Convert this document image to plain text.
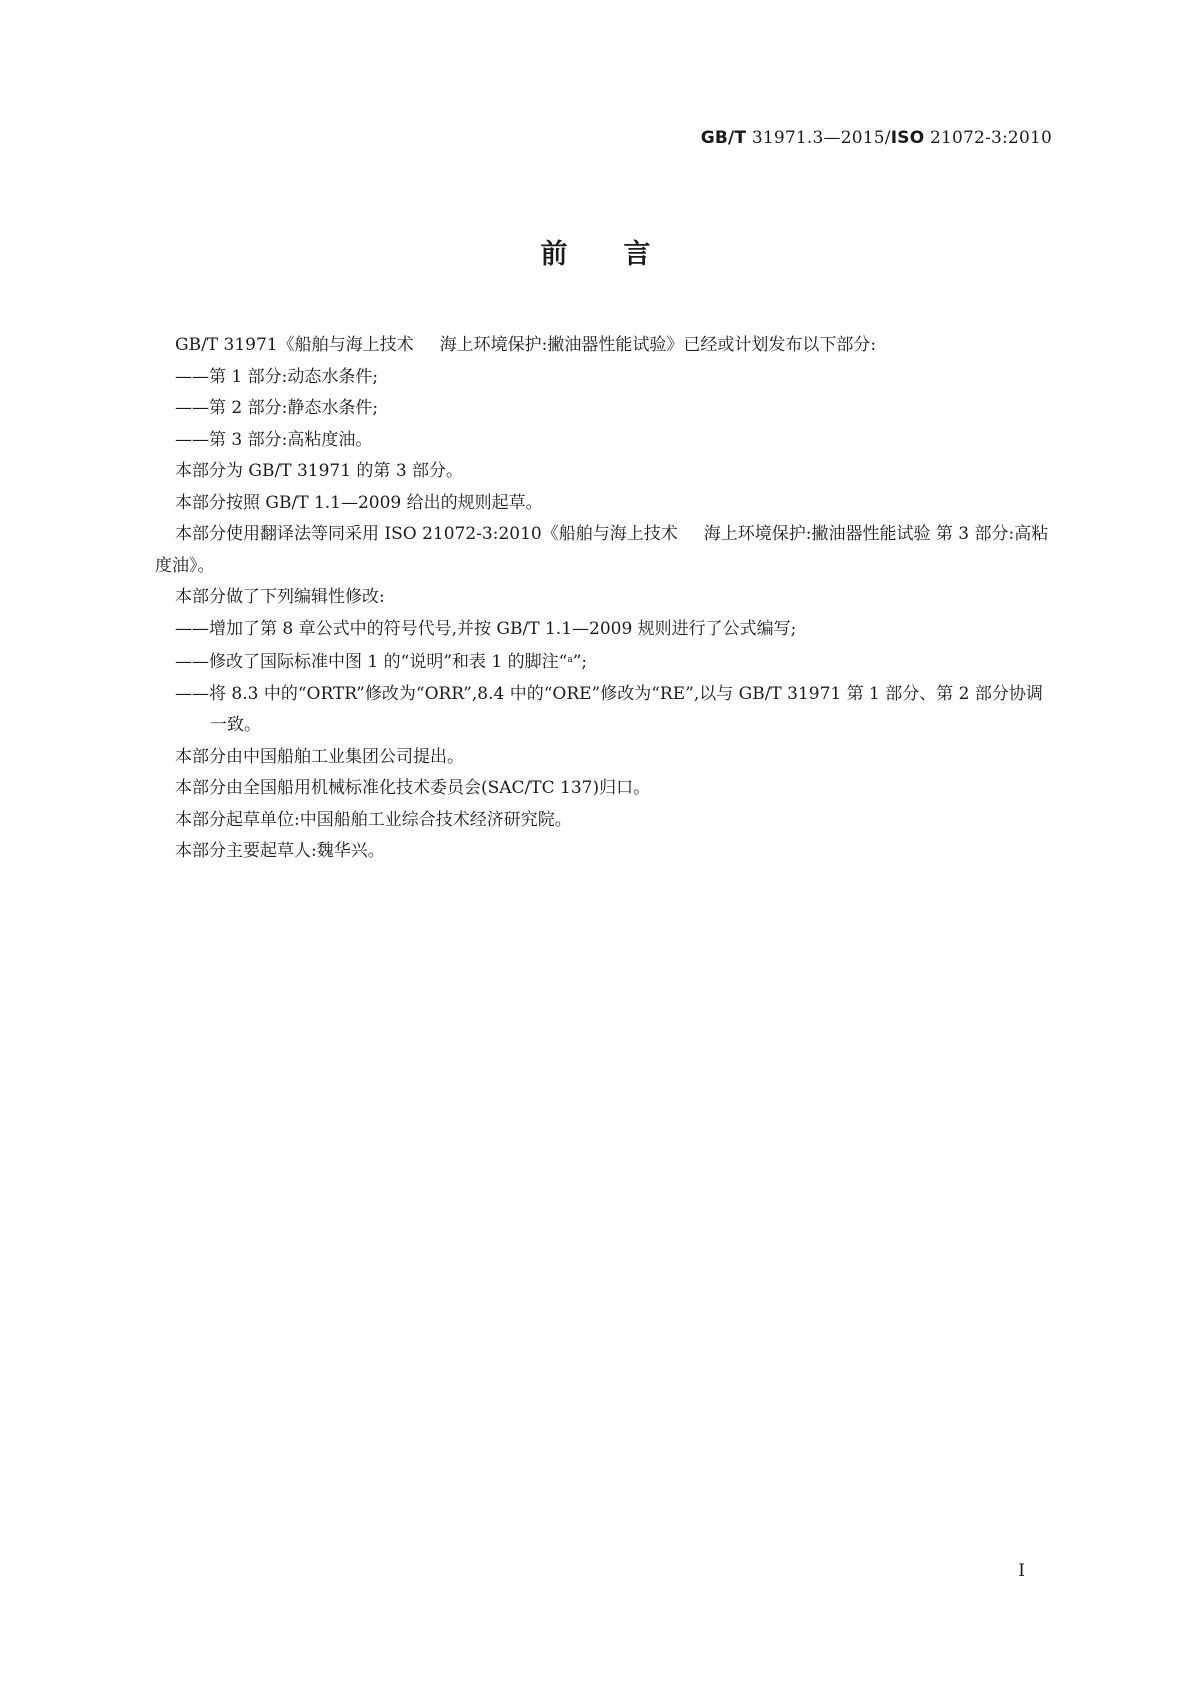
GB/T 31971.3—2015/ISO 21072-3:2010
前言

GB/T 31971《船舶与海上技术 海上环境保护:撇油器性能试验》已经或计划发布以下部分:

——第 1 部分:动态水条件;

——第 2 部分:静态水条件;

——第 3 部分:高粘度油。

本部分为 GB/T 31971 的第 3 部分。

本部分按照 GB/T 1.1—2009 给出的规则起草。

本部分使用翻译法等同采用 ISO 21072-3:2010《船舶与海上技术 海上环境保护:撇油器性能试验 第 3 部分:高粘度油》。

本部分做了下列编辑性修改:

——增加了第 8 章公式中的符号代号,并按 GB/T 1.1—2009 规则进行了公式编写;

——修改了国际标准中图 1 的“说明”和表 1 的脚注“$^a$”;

——将 8.3 中的“ORTR”修改为“ORR”,8.4 中的“ORE”修改为“RE”,以与 GB/T 31971 第 1 部分、第 2 部分协调一致。

本部分由中国船舶工业集团公司提出。

本部分由全国船用机械标准化技术委员会(SAC/TC 137)归口。

本部分起草单位:中国船舶工业综合技术经济研究院。

本部分主要起草人:魏华兴。

I
